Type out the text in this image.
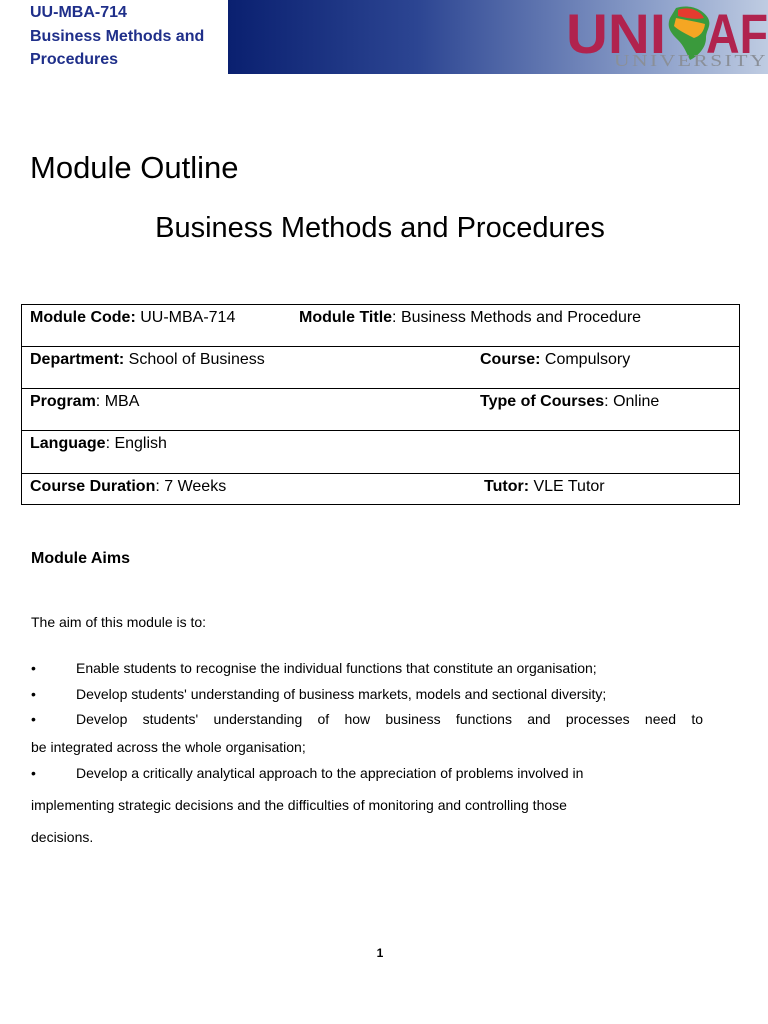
UU-MBA-714
Business Methods and
Procedures	UNI AF
UNIVERSITY
Module Outline
Business Methods and Procedures
Module Code: UU-MBA-714	Module Title: Business Methods and Procedure
Department: School of Business	Course: Compulsory
Program: MBA	Type of Courses: Online
Language: English
Course Duration: 7 Weeks	Tutor: VLE Tutor
Module Aims
The aim of this module is to:
•	Enable students to recognise the individual functions that constitute an organisation;
•	Develop students' understanding of business markets, models and sectional diversity;
•	Develop students' understanding of how business functions and processes need to
be integrated across the whole organisation;
•	Develop a critically analytical approach to the appreciation of problems involved in
implementing strategic decisions and the difficulties of monitoring and controlling those
decisions.
1
